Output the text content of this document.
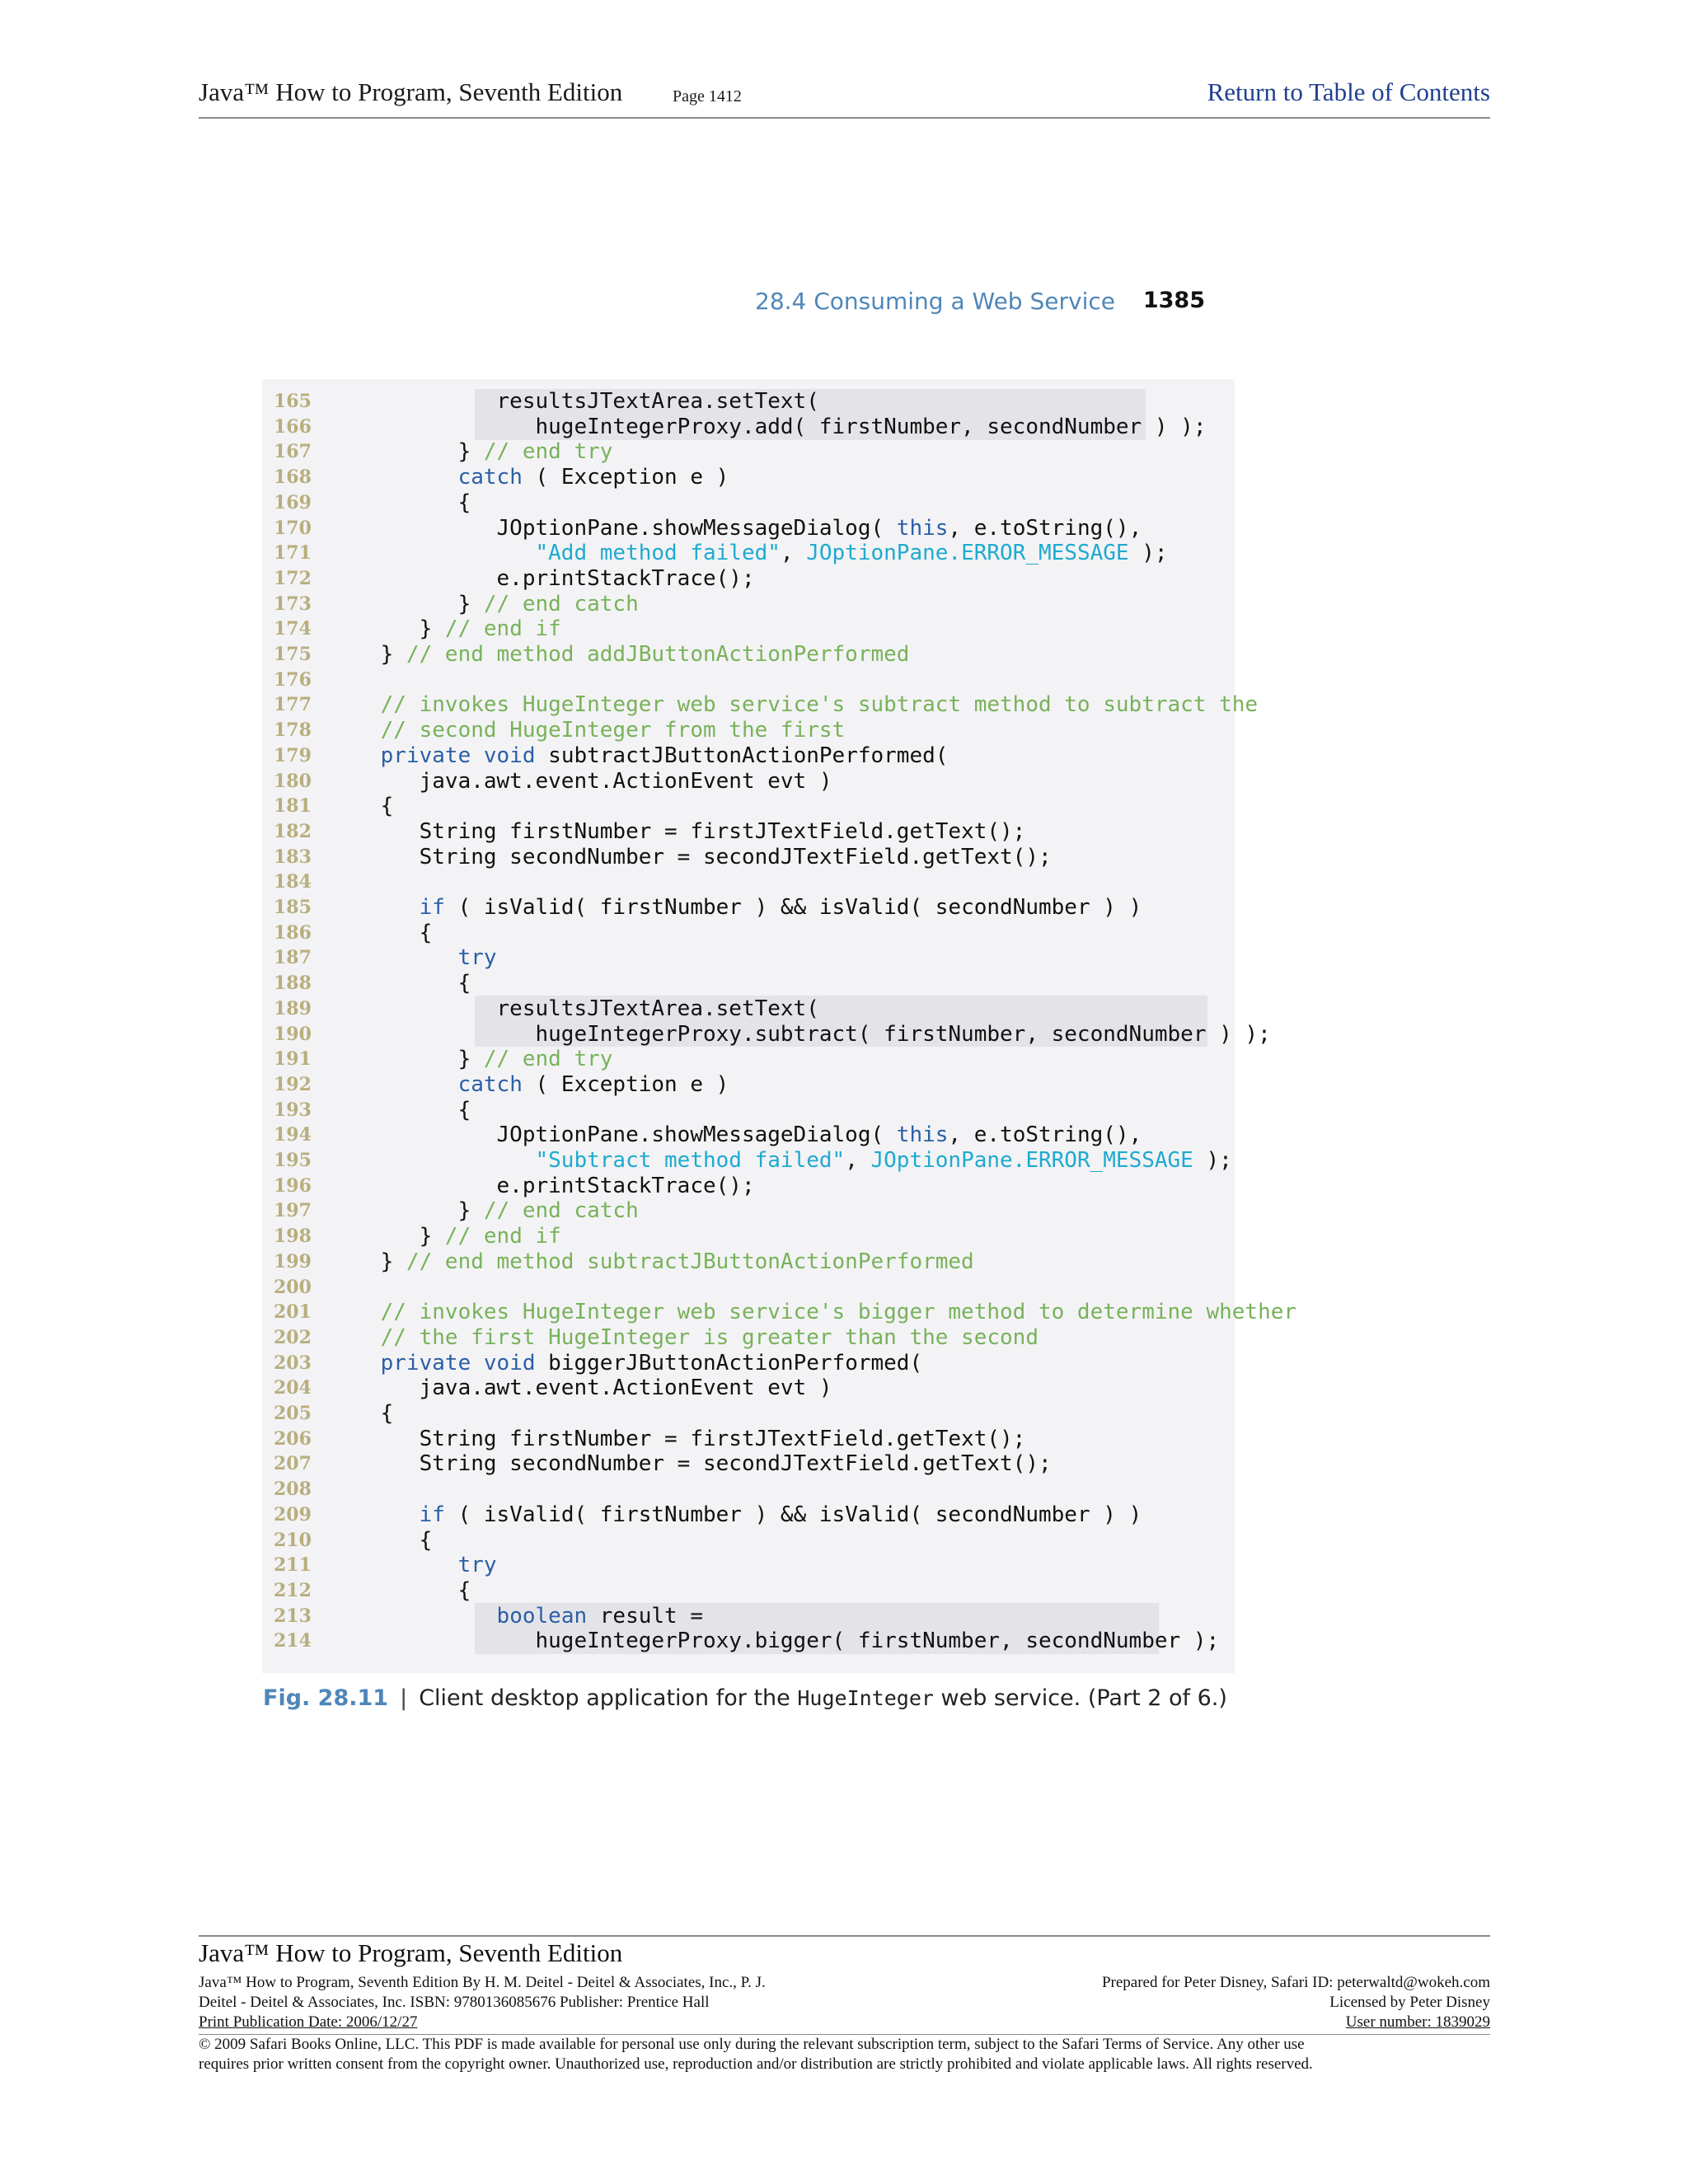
Java™ How to Program, Seventh Edition	Page 1412	Return to Table of Contents
28.4 Consuming a Web Service 1385
165	resultsJTextArea.setText(
166	hugeIntegerProxy.add( firstNumber, secondNumber ) );
167	} // end try
168	catch ( Exception e )
169	{
170	JOptionPane.showMessageDialog( this, e.toString(),
171	"Add method failed", JOptionPane.ERROR_MESSAGE );
172	e.printStackTrace();
173	} // end catch
174	} // end if
175	} // end method addJButtonActionPerformed
176
177	// invokes HugeInteger web service's subtract method to subtract the
178	// second HugeInteger from the first
179	private void subtractJButtonActionPerformed(
180	java.awt.event.ActionEvent evt )
181	{
182	String firstNumber = firstJTextField.getText();
183	String secondNumber = secondJTextField.getText();
184
185	if ( isValid( firstNumber ) && isValid( secondNumber ) )
186	{
187	try
188	{
189	resultsJTextArea.setText(
190	hugeIntegerProxy.subtract( firstNumber, secondNumber ) );
191	} // end try
192	catch ( Exception e )
193	{
194	JOptionPane.showMessageDialog( this, e.toString(),
195	"Subtract method failed", JOptionPane.ERROR_MESSAGE );
196	e.printStackTrace();
197	} // end catch
198	} // end if
199	} // end method subtractJButtonActionPerformed
200
201	// invokes HugeInteger web service's bigger method to determine whether
202	// the first HugeInteger is greater than the second
203	private void biggerJButtonActionPerformed(
204	java.awt.event.ActionEvent evt )
205	{
206	String firstNumber = firstJTextField.getText();
207	String secondNumber = secondJTextField.getText();
208
209	if ( isValid( firstNumber ) && isValid( secondNumber ) )
210	{
211	try
212	{
213	boolean result =
214	hugeIntegerProxy.bigger( firstNumber, secondNumber );
Fig. 28.11 | Client desktop application for the HugeInteger web service. (Part 2 of 6.)
Java™ How to Program, Seventh Edition
Java™ How to Program, Seventh Edition By H. M. Deitel - Deitel & Associates, Inc., P. J.
Deitel - Deitel & Associates, Inc. ISBN: 9780136085676 Publisher: Prentice Hall
Print Publication Date: 2006/12/27
Prepared for Peter Disney, Safari ID: peterwaltd@wokeh.com
Licensed by Peter Disney
User number: 1839029
© 2009 Safari Books Online, LLC. This PDF is made available for personal use only during the relevant subscription term, subject to the Safari Terms of Service. Any other use
requires prior written consent from the copyright owner. Unauthorized use, reproduction and/or distribution are strictly prohibited and violate applicable laws. All rights reserved.
